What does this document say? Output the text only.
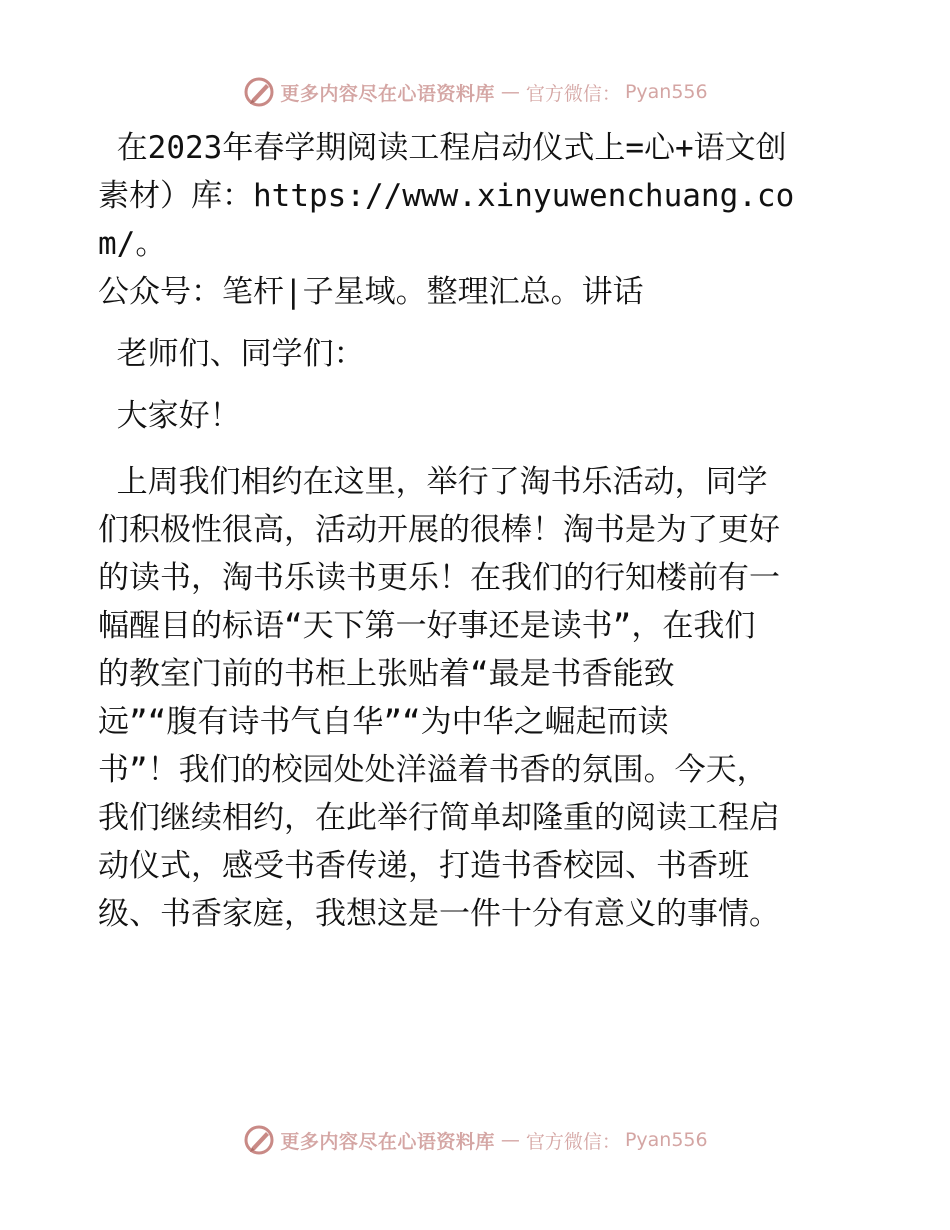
更多内容尽在心语资料库 — 官方微信： Pyan556

在2023年春学期阅读工程启动仪式上=心+语文创
素材）库：https://www.xinyuwenchuang.com/。
公众号：笔杆|子星域。整理汇总。讲话

老师们、同学们：

大家好！

上周我们相约在这里，举行了淘书乐活动，同学
们积极性很高，活动开展的很棒！淘书是为了更好
的读书，淘书乐读书更乐！在我们的行知楼前有一
幅醒目的标语“天下第一好事还是读书”，在我们
的教室门前的书柜上张贴着“最是书香能致
远”“腹有诗书气自华”“为中华之崛起而读
书”！我们的校园处处洋溢着书香的氛围。今天，
我们继续相约，在此举行简单却隆重的阅读工程启
动仪式，感受书香传递，打造书香校园、书香班
级、书香家庭，我想这是一件十分有意义的事情。

更多内容尽在心语资料库 — 官方微信： Pyan556
